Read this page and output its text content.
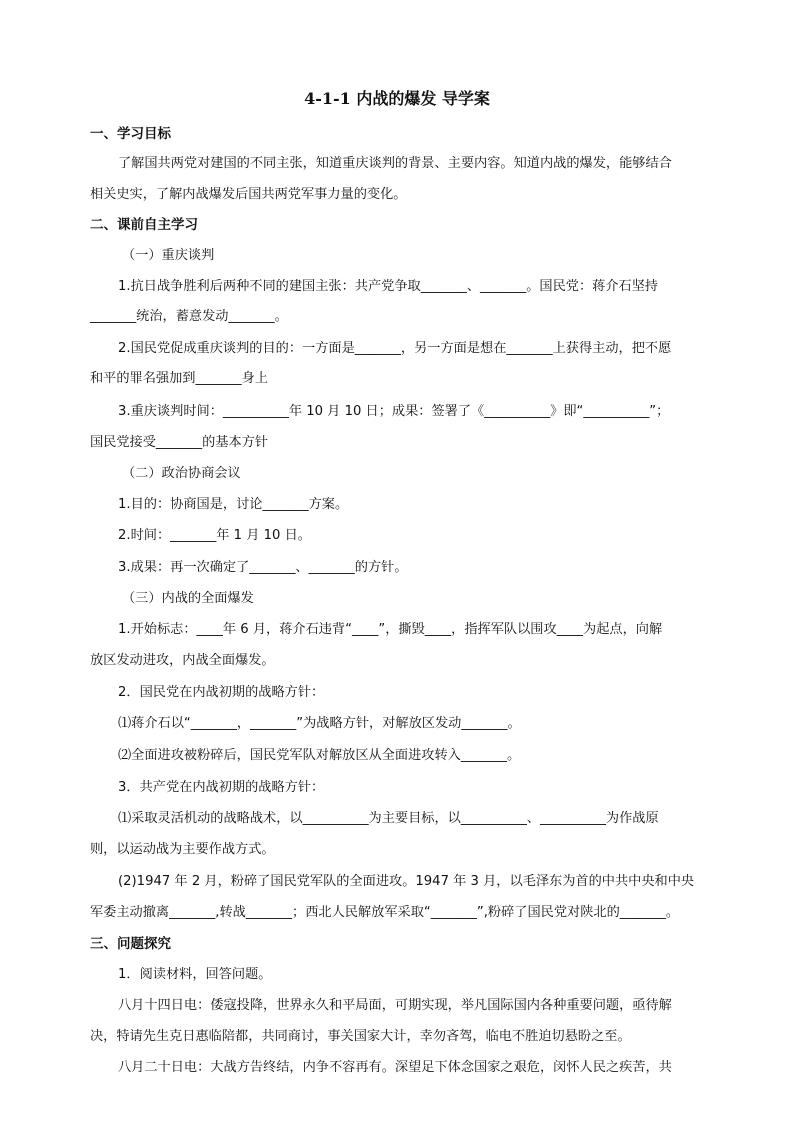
4-1-1 内战的爆发 导学案
一、学习目标
了解国共两党对建国的不同主张，知道重庆谈判的背景、主要内容。知道内战的爆发，能够结合
相关史实，了解内战爆发后国共两党军事力量的变化。
二、课前自主学习
（一）重庆谈判
1.抗日战争胜利后两种不同的建国主张：共产党争取_______、_______。国民党：蒋介石坚持
_______统治，蓄意发动_______。
2.国民党促成重庆谈判的目的：一方面是_______，另一方面是想在_______上获得主动，把不愿
和平的罪名强加到_______身上
3.重庆谈判时间：__________年 10 月 10 日；成果：签署了《__________》即“__________”；
国民党接受_______的基本方针
（二）政治协商会议
1.目的：协商国是，讨论_______方案。
2.时间：_______年 1 月 10 日。
3.成果：再一次确定了_______、_______的方针。
（三）内战的全面爆发
1.开始标志：____年 6 月，蒋介石违背“____”，撕毁____，指挥军队以围攻____为起点，向解
放区发动进攻，内战全面爆发。
2．国民党在内战初期的战略方针：
⑴蒋介石以“_______，_______”为战略方针，对解放区发动_______。
⑵全面进攻被粉碎后，国民党军队对解放区从全面进攻转入_______。
3．共产党在内战初期的战略方针：
⑴采取灵活机动的战略战术，以__________为主要目标，以__________、__________为作战原
则，以运动战为主要作战方式。
(2)1947 年 2 月，粉碎了国民党军队的全面进攻。1947 年 3 月，以毛泽东为首的中共中央和中央
军委主动撤离_______,转战_______；西北人民解放军采取“_______”,粉碎了国民党对陕北的_______。
三、问题探究
1．阅读材料，回答问题。
八月十四日电：倭寇投降，世界永久和平局面，可期实现，举凡国际国内各种重要问题，亟待解
决，特请先生克日惠临陪都，共同商讨，事关国家大计，幸勿吝驾，临电不胜迫切悬盼之至。
八月二十日电：大战方告终结，内争不容再有。深望足下体念国家之艰危，闵怀人民之疾苦，共
